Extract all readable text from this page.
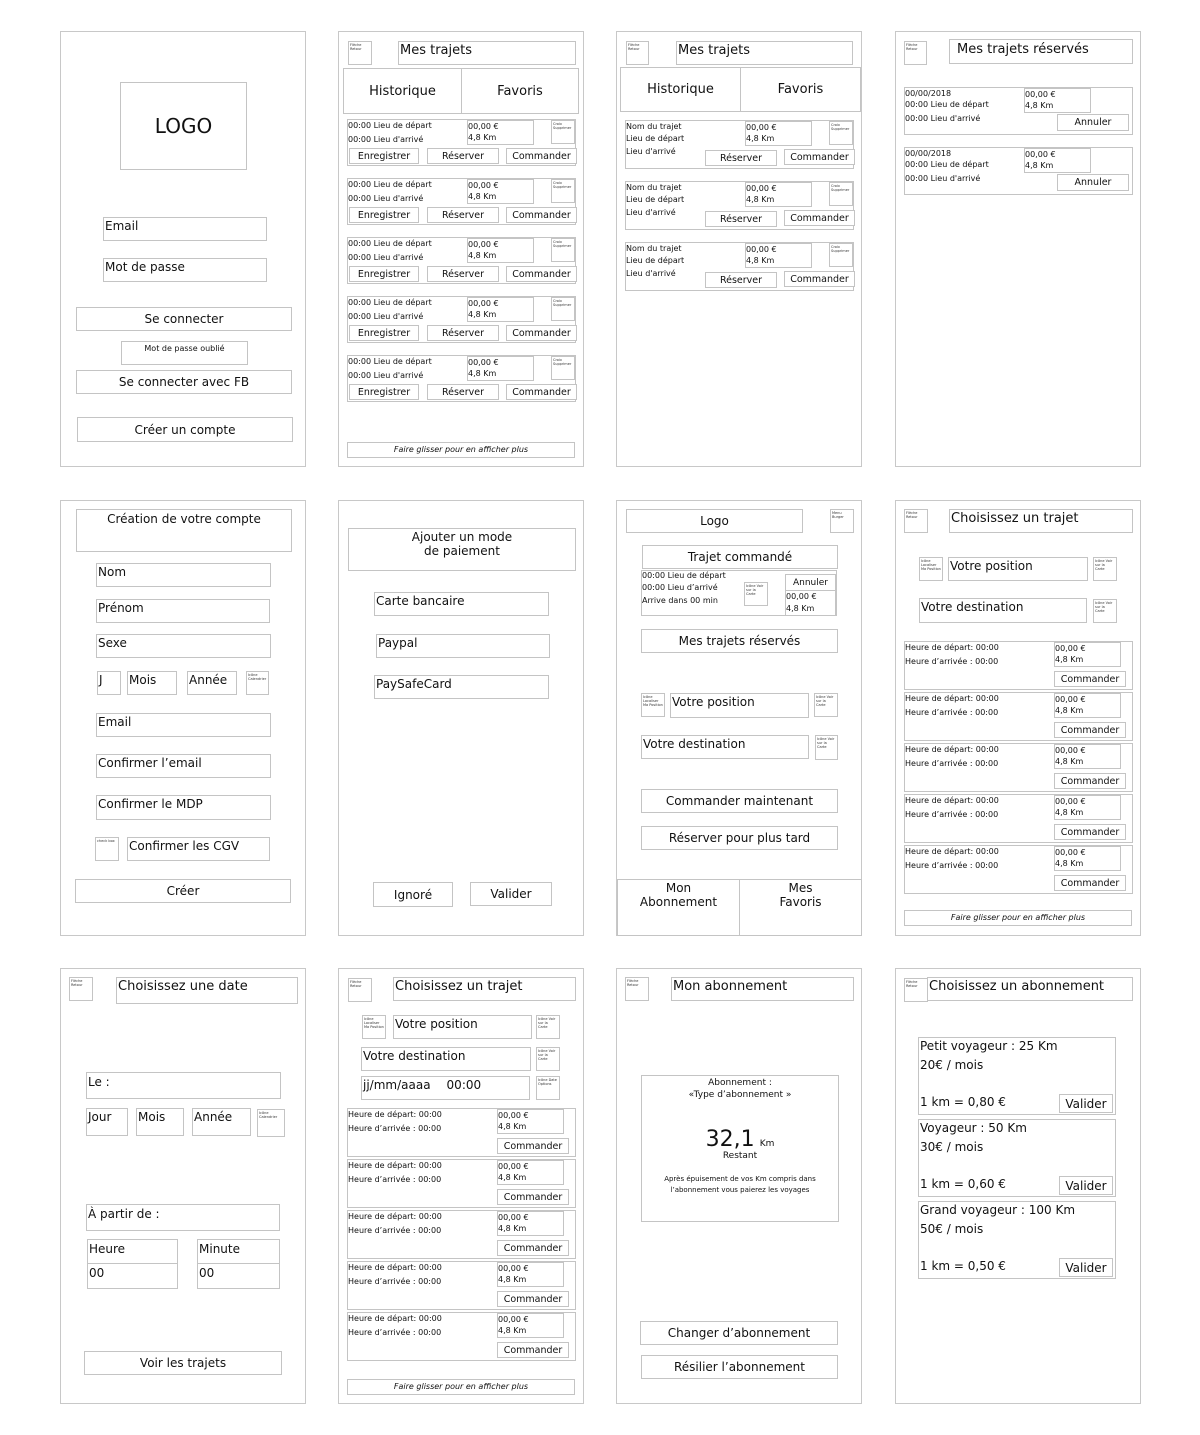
LOGO
Email
Mot de passe
Se connecter
Mot de passe oublié
Se connecter avec FB
Créer un compte
Flèche Retour	Mes trajets
Historique	Favoris
00:00 Lieu de départ
00:00 Lieu d'arrivé
00,00 €
4,8 Km
Croix Supprimer
Enregistrer	Réserver	Commander
00:00 Lieu de départ
00:00 Lieu d'arrivé
00,00 €
4,8 Km
Croix Supprimer
Enregistrer	Réserver	Commander
00:00 Lieu de départ
00:00 Lieu d'arrivé
00,00 €
4,8 Km
Croix Supprimer
Enregistrer	Réserver	Commander
00:00 Lieu de départ
00:00 Lieu d'arrivé
00,00 €
4,8 Km
Croix Supprimer
Enregistrer	Réserver	Commander
00:00 Lieu de départ
00:00 Lieu d'arrivé
00,00 €
4,8 Km
Croix Supprimer
Enregistrer	Réserver	Commander
Faire glisser pour en afficher plus
Flèche Retour	Mes trajets
Historique	Favoris
Nom du trajet
Lieu de départ
Lieu d'arrivé
00,00 €
4,8 Km
Croix Supprimer
Réserver	Commander
Nom du trajet
Lieu de départ
Lieu d'arrivé
00,00 €
4,8 Km
Croix Supprimer
Réserver	Commander
Nom du trajet
Lieu de départ
Lieu d'arrivé
00,00 €
4,8 Km
Croix Supprimer
Réserver	Commander
Flèche Retour	Mes trajets réservés
00/00/2018
00:00 Lieu de départ
00:00 Lieu d'arrivé
00,00 €
4,8 Km
Annuler
00/00/2018
00:00 Lieu de départ
00:00 Lieu d'arrivé
00,00 €
4,8 Km
Annuler
Création de votre compte
Nom
Prénom
Sexe
J	Mois	Année	Icône Calendrier
Email
Confirmer l’email
Confirmer le MDP
check box	Confirmer les CGV
Créer
Ajouter un mode
de paiement
Carte bancaire
Paypal
PaySafeCard
Ignoré	Valider
Logo
Menu Burger
Trajet commandé
00:00 Lieu de départ
00:00 Lieu d’arrivé
Arrive dans 00 min
Icône Voir sur la Carte
Annuler
00,00 €
4,8 Km
Mes trajets réservés
Icône Localiser Ma Position Votre position	Icône Voir sur la Carte
Votre destination	Icône Voir sur la Carte
Commander maintenant
Réserver pour plus tard
Mon
Abonnement
Mes
Favoris
Flèche Retour	Choisissez un trajet
Icône Localiser Ma Position Votre position	Icône Voir sur la Carte
Votre destination	Icône Voir sur la Carte
Heure de départ: 00:00
Heure d’arrivée : 00:00
00,00 €
4,8 Km
Commander
Heure de départ: 00:00
Heure d’arrivée : 00:00
00,00 €
4,8 Km
Commander
Heure de départ: 00:00
Heure d’arrivée : 00:00
00,00 €
4,8 Km
Commander
Heure de départ: 00:00
Heure d’arrivée : 00:00
00,00 €
4,8 Km
Commander
Heure de départ: 00:00
Heure d’arrivée : 00:00
00,00 €
4,8 Km
Commander
Faire glisser pour en afficher plus
Flèche Retour	Choisissez une date
Le :
Jour	Mois	Année	Icône Calendrier
À partir de :
Heure
00
Minute
00
Voir les trajets
Flèche Retour	Choisissez un trajet
Icône Localiser Ma Position Votre position	Icône Voir sur la Carte
Votre destination	Icône Voir sur la Carte
jj/mm/aaaa 00:00	Icône Date Options
Heure de départ: 00:00
Heure d’arrivée : 00:00
00,00 €
4,8 Km
Commander
Heure de départ: 00:00
Heure d’arrivée : 00:00
00,00 €
4,8 Km
Commander
Heure de départ: 00:00
Heure d’arrivée : 00:00
00,00 €
4,8 Km
Commander
Heure de départ: 00:00
Heure d’arrivée : 00:00
00,00 €
4,8 Km
Commander
Heure de départ: 00:00
Heure d’arrivée : 00:00
00,00 €
4,8 Km
Commander
Faire glisser pour en afficher plus
Flèche Retour	Mon abonnement
Abonnement :
«Type d’abonnement »
32,1 Km
Restant
Après épuisement de vos Km compris dans
l’abonnement vous paierez les voyages
Changer d’abonnement
Résilier l’abonnement
Flèche Retour Choisissez un abonnement
Petit voyageur : 25 Km
20€ / mois
1 km = 0,80 €	Valider
Voyageur : 50 Km
30€ / mois
1 km = 0,60 €	Valider
Grand voyageur : 100 Km
50€ / mois
1 km = 0,50 €	Valider
